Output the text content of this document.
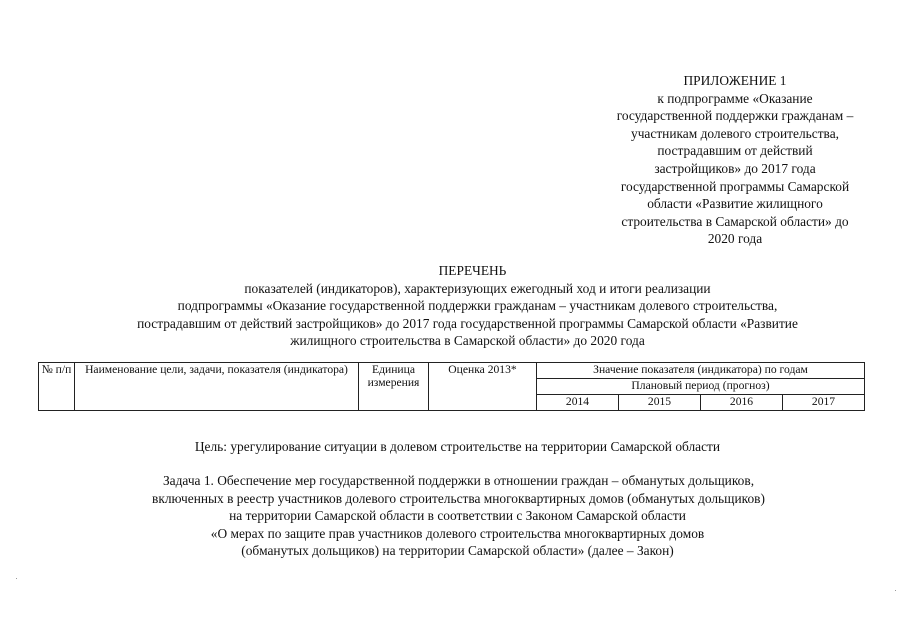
ПРИЛОЖЕНИЕ 1
к подпрограмме «Оказание
государственной поддержки гражданам –
участникам долевого строительства,
пострадавшим от действий
застройщиков» до 2017 года
государственной программы Самарской
области «Развитие жилищного
строительства в Самарской области» до
2020 года
ПЕРЕЧЕНЬ
показателей (индикаторов), характеризующих ежегодный ход и итоги реализации
подпрограммы «Оказание государственной поддержки гражданам – участникам долевого строительства,
пострадавшим от действий застройщиков» до 2017 года государственной программы Самарской области «Развитие
жилищного строительства в Самарской области» до 2020 года
№ п/п	Наименование цели, задачи, показателя (индикатора)	Единица измерения	Оценка 2013*	Значение показателя (индикатора) по годам			
				Плановый период (прогноз)			
				2014	2015	2016	2017
Цель: урегулирование ситуации в долевом строительстве на территории Самарской области
Задача 1. Обеспечение мер государственной поддержки в отношении граждан – обманутых дольщиков,
включенных в реестр участников долевого строительства многоквартирных домов (обманутых дольщиков)
на территории Самарской области в соответствии с Законом Самарской области
«О мерах по защите прав участников долевого строительства многоквартирных домов
(обманутых дольщиков) на территории Самарской области» (далее – Закон)
